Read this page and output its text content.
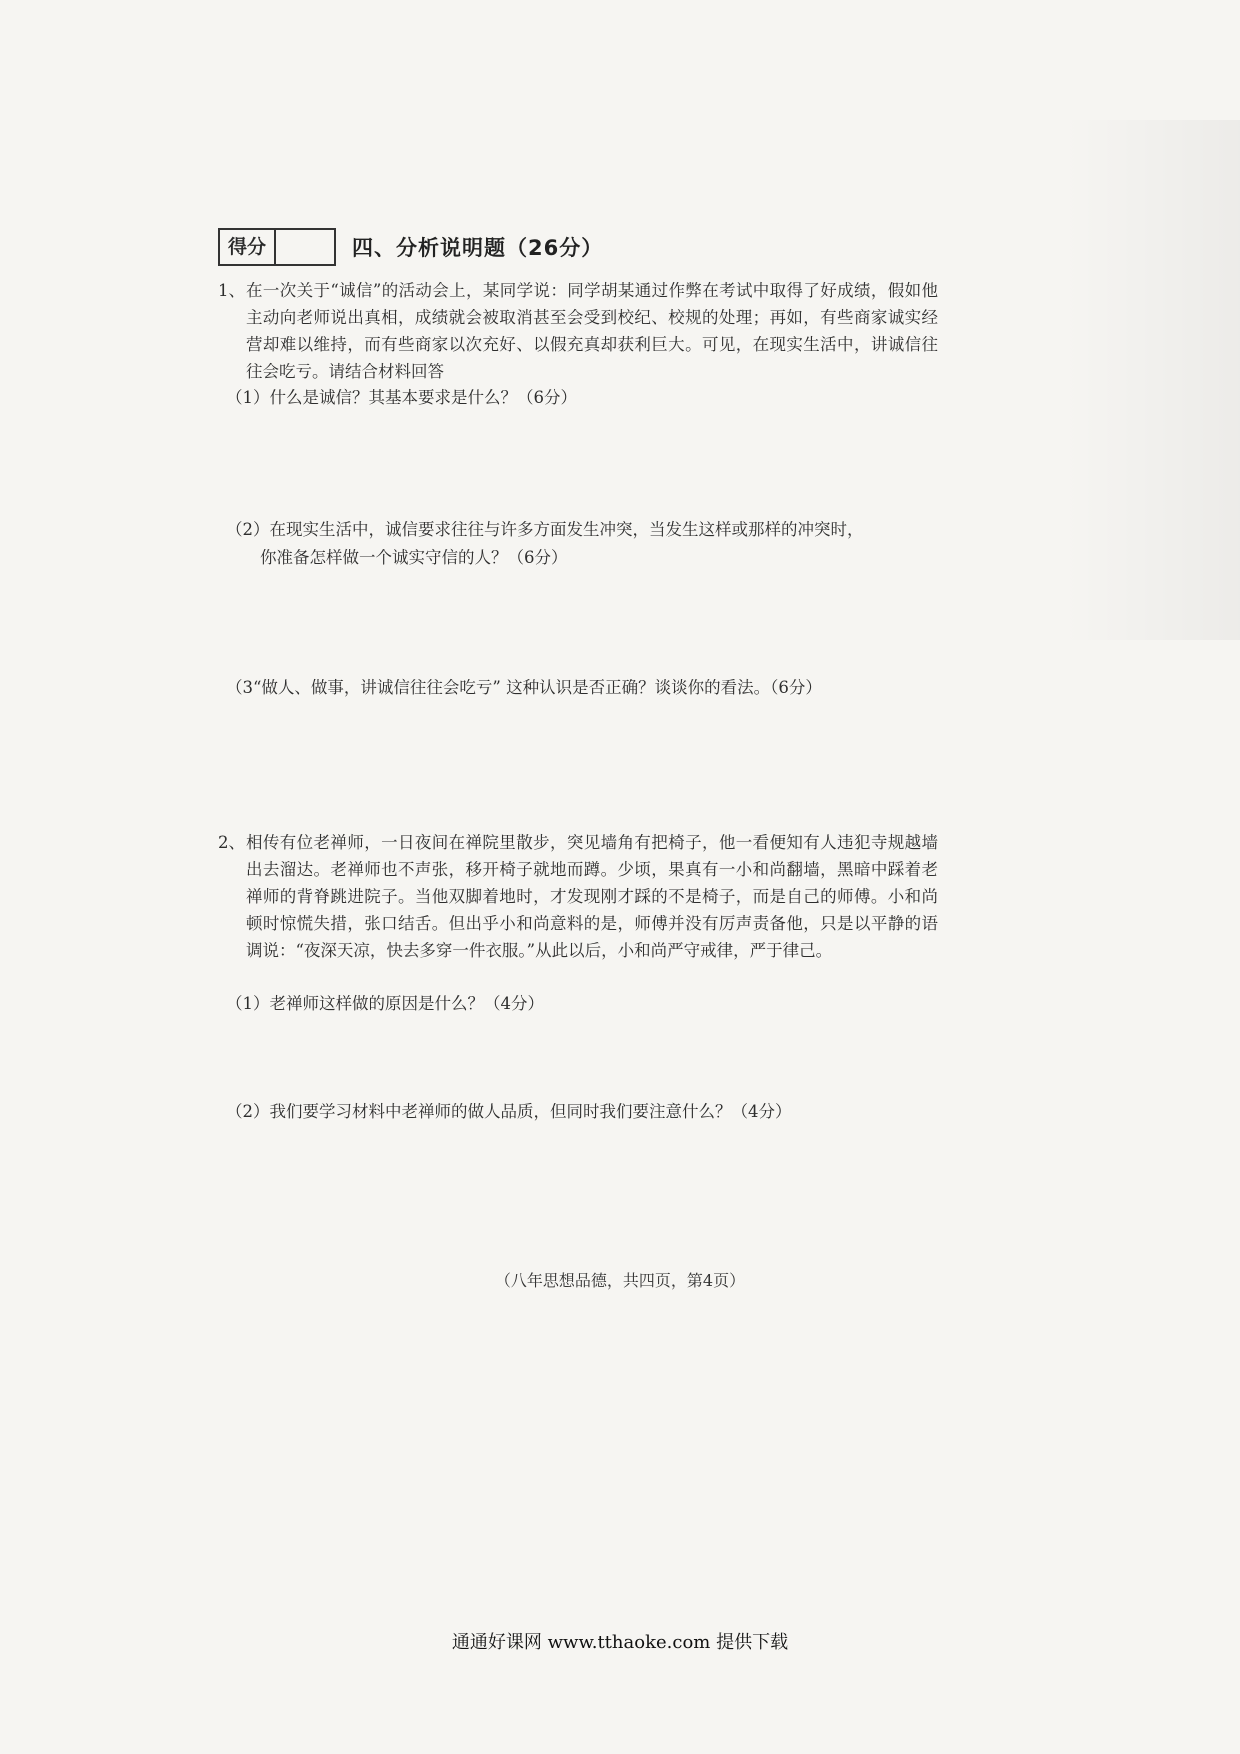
得分	四、分析说明题（26分）
1、 在一次关于“诚信”的活动会上，某同学说：同学胡某通过作弊在考试中取得了好成绩，假如他主动向老师说出真相，成绩就会被取消甚至会受到校纪、校规的处理；再如，有些商家诚实经营却难以维持，而有些商家以次充好、以假充真却获利巨大。可见，在现实生活中，讲诚信往往会吃亏。请结合材料回答
（1）什么是诚信？其基本要求是什么？（6分）
（2）在现实生活中，诚信要求往往与许多方面发生冲突，当发生这样或那样的冲突时，
你准备怎样做一个诚实守信的人？（6分）
（3“做人、做事，讲诚信往往会吃亏” 这种认识是否正确？谈谈你的看法。（6分）
2、 相传有位老禅师，一日夜间在禅院里散步，突见墙角有把椅子，他一看便知有人违犯寺规越墙出去溜达。老禅师也不声张，移开椅子就地而蹲。少顷，果真有一小和尚翻墙，黑暗中踩着老禅师的背脊跳进院子。当他双脚着地时，才发现刚才踩的不是椅子，而是自己的师傅。小和尚顿时惊慌失措，张口结舌。但出乎小和尚意料的是，师傅并没有厉声责备他，只是以平静的语调说：“夜深天凉，快去多穿一件衣服。”从此以后，小和尚严守戒律，严于律己。
（1）老禅师这样做的原因是什么？（4分）
（2）我们要学习材料中老禅师的做人品质，但同时我们要注意什么？（4分）
（八年思想品德，共四页，第4页）
通通好课网 www.tthaoke.com 提供下载
